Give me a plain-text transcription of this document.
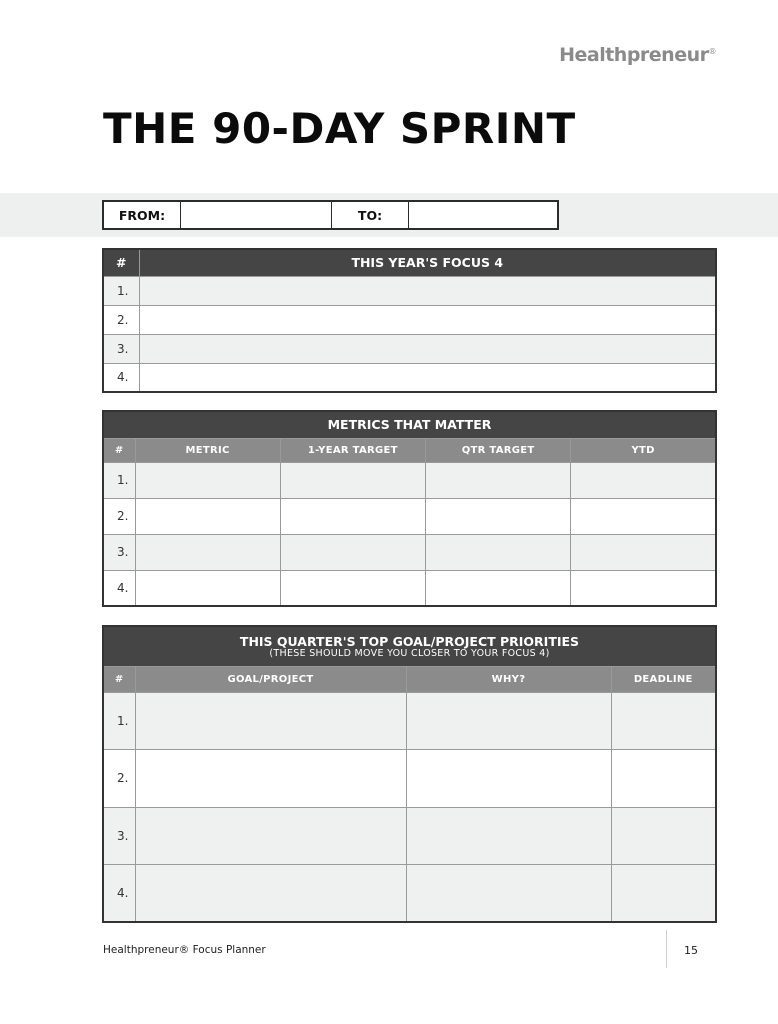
Healthpreneur®
THE 90-DAY SPRINT
FROM:	TO:
#	THIS YEAR'S FOCUS 4
1.	
2.	
3.	
4.	
METRICS THAT MATTER				
#	METRIC	1-YEAR TARGET	QTR TARGET	YTD
1.				
2.				
3.				
4.				
THIS QUARTER'S TOP GOAL/PROJECT PRIORITIES
(THESE SHOULD MOVE YOU CLOSER TO YOUR FOCUS 4)			

#	GOAL/PROJECT	WHY?	DEADLINE
1.			
2.			
3.			
4.			
Healthpreneur® Focus Planner	15
